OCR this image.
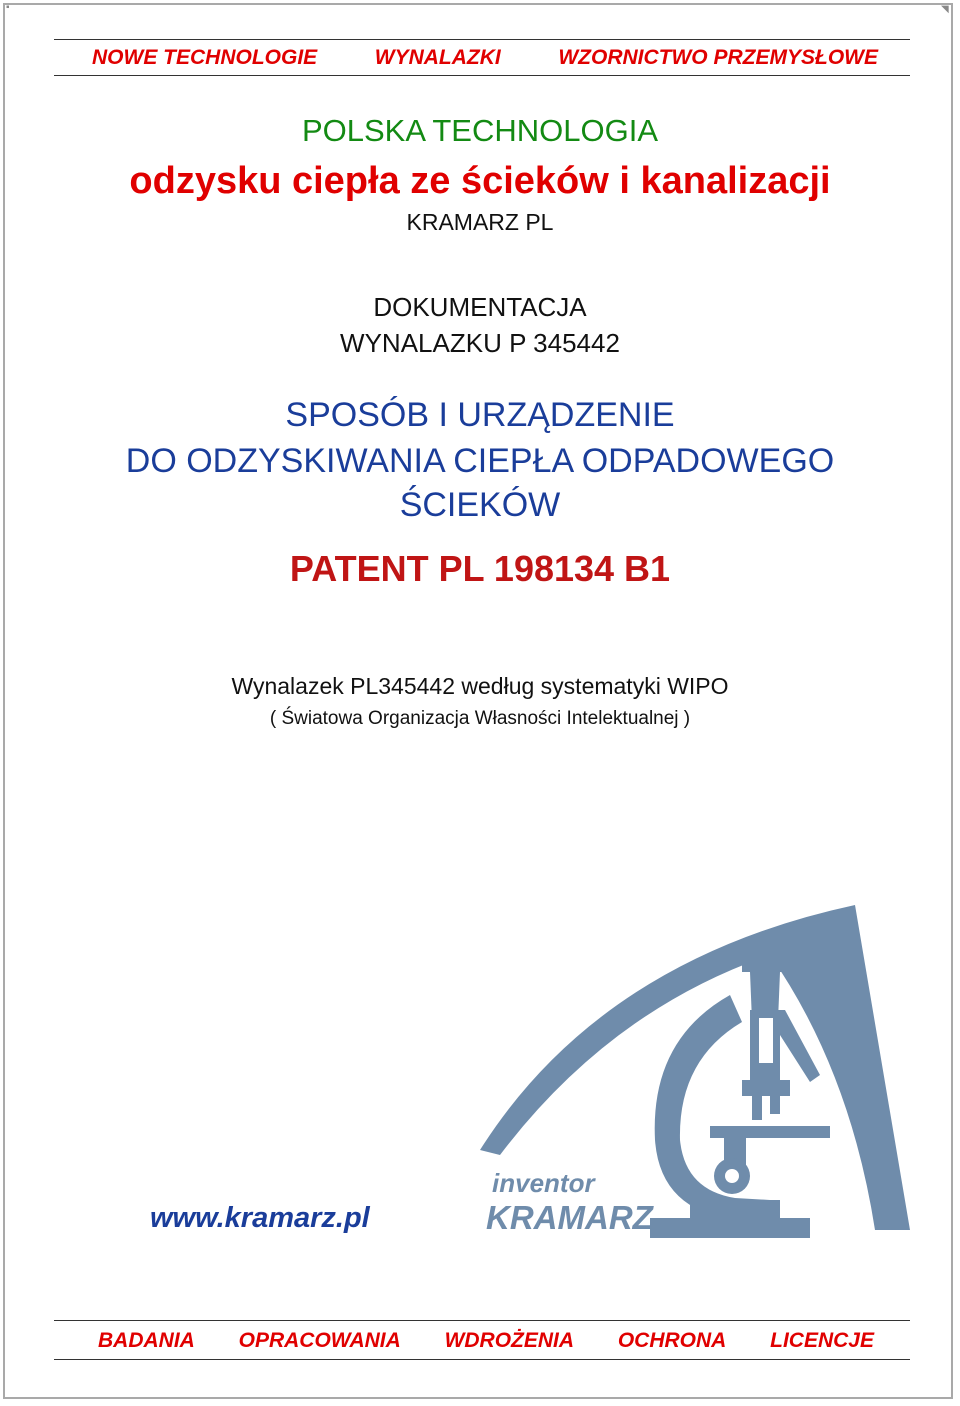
▪	◥
NOWE TECHNOLOGIE	WYNALAZKI	WZORNICTWO PRZEMYSŁOWE
POLSKA TECHNOLOGIA
odzysku ciepła ze ścieków i kanalizacji
KRAMARZ PL
DOKUMENTACJA
WYNALAZKU P 345442
SPOSÓB I URZĄDZENIE
DO ODZYSKIWANIA CIEPŁA ODPADOWEGO
ŚCIEKÓW
PATENT PL 198134 B1
Wynalazek PL345442 według systematyki WIPO
( Światowa Organizacja Własności Intelektualnej )
inventor
KRAMARZ
www.kramarz.pl
BADANIA OPRACOWANIA WDROŻENIA OCHRONA LICENCJE
